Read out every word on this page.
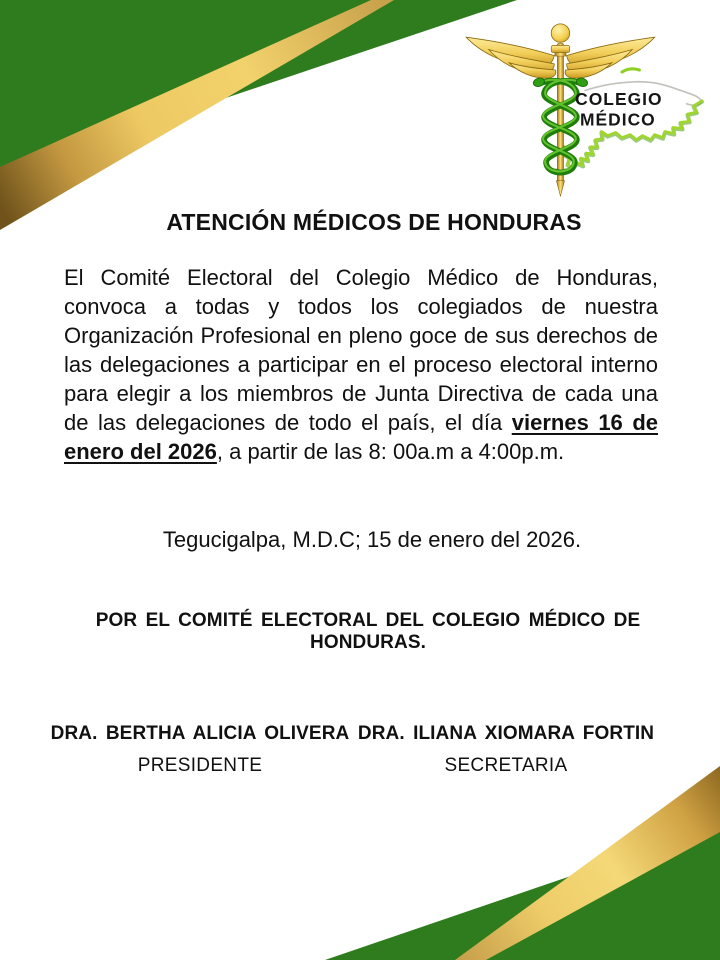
COLEGIO
MÉDICO
ATENCIÓN MÉDICOS DE HONDURAS

El Comité Electoral del Colegio Médico de Honduras, convoca a todas y todos los colegiados de nuestra Organización Profesional en pleno goce de sus derechos de las delegaciones a participar en el proceso electoral interno para elegir a los miembros de Junta Directiva de cada una de las delegaciones de todo el país, el día viernes 16 de enero del 2026, a partir de las 8: 00a.m a 4:00p.m.

Tegucigalpa, M.D.C; 15 de enero del 2026.
POR EL COMITÉ ELECTORAL DEL COLEGIO MÉDICO DE HONDURAS.
DRA. BERTHA ALICIA OLIVERA
PRESIDENTE
DRA. ILIANA XIOMARA FORTIN
SECRETARIA
